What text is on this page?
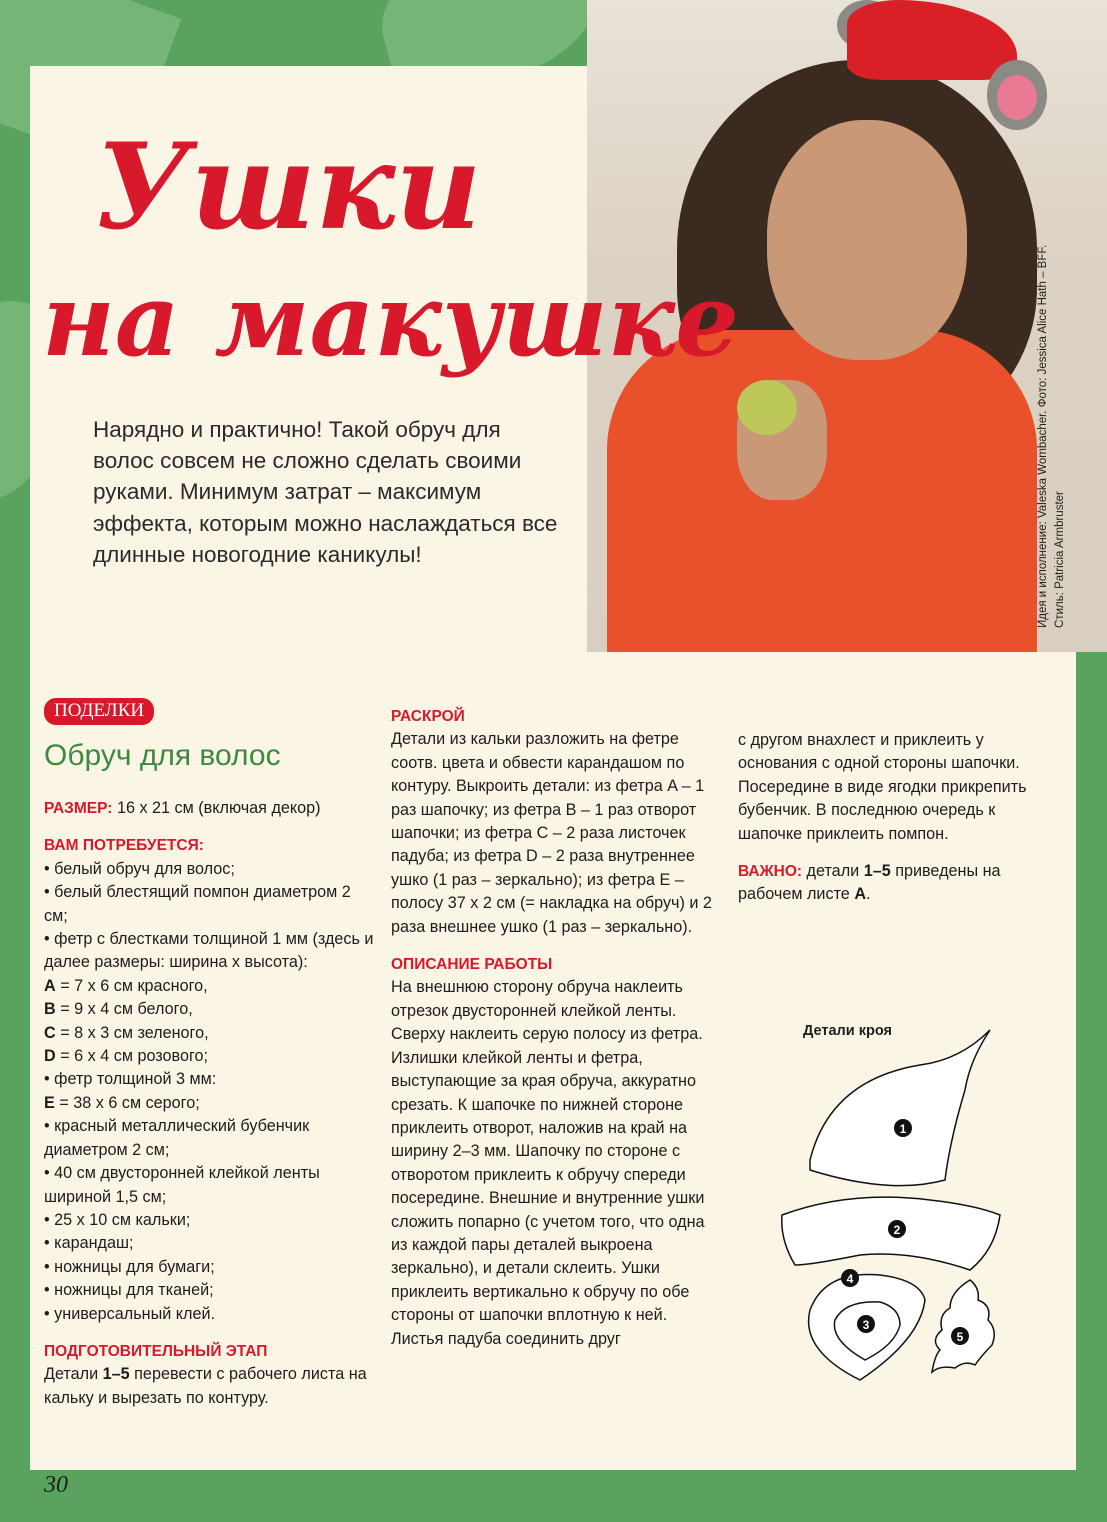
Идея и исполнение: Valeska Wombacher. Фото: Jessica Alice Hath – BFF. Стиль: Patricia Armbruster
Ушки
на макушке
Нарядно и практично! Такой обруч для волос совсем не сложно сделать своими руками. Минимум затрат – максимум эффекта, которым можно наслаждаться все длинные новогодние каникулы!
ПОДЕЛКИ
Обруч для волос

РАЗМЕР: 16 x 21 см (включая декор)

ВАМ ПОТРЕБУЕТСЯ:

• белый обруч для волос;
• белый блестящий помпон диаметром 2 см;
• фетр с блестками толщиной 1 мм (здесь и далее размеры: ширина x высота):
A = 7 x 6 см красного,
B = 9 x 4 см белого,
C = 8 x 3 см зеленого,
D = 6 x 4 см розового;
• фетр толщиной 3 мм:
E = 38 x 6 см серого;
• красный металлический бубенчик диаметром 2 см;
• 40 см двусторонней клейкой ленты шириной 1,5 см;
• 25 x 10 см кальки;
• карандаш;
• ножницы для бумаги;
• ножницы для тканей;
• универсальный клей.

ПОДГОТОВИТЕЛЬНЫЙ ЭТАП

Детали 1–5 перевести с рабочего листа на кальку и вырезать по контуру.

РАСКРОЙ

Детали из кальки разложить на фетре соотв. цвета и обвести карандашом по контуру. Выкроить детали: из фетра A – 1 раз шапочку; из фетра B – 1 раз отворот шапочки; из фетра C – 2 раза листочек падуба; из фетра D – 2 раза внутреннее ушко (1 раз – зеркально); из фетра E – полосу 37 x 2 см (= накладка на обруч) и 2 раза внешнее ушко (1 раз – зеркально).

ОПИСАНИЕ РАБОТЫ

На внешнюю сторону обруча наклеить отрезок двусторонней клейкой ленты. Сверху наклеить серую полосу из фетра.

Излишки клейкой ленты и фетра, выступающие за края обруча, аккуратно срезать. К шапочке по нижней стороне приклеить отворот, наложив на край на ширину 2–3 мм. Шапочку по стороне с отворотом приклеить к обручу спереди посередине. Внешние и внутренние ушки сложить попарно (с учетом того, что одна из каждой пары деталей выкроена зеркально), и детали склеить. Ушки приклеить вертикально к обручу по обе стороны от шапочки вплотную к ней. Листья падуба соединить друг

с другом внахлест и приклеить у основания с одной стороны шапочки. Посередине в виде ягодки прикрепить бубенчик. В последнюю очередь к шапочке приклеить помпон.

ВАЖНО: детали 1–5 приведены на рабочем листе A.

Детали кроя
1
2
4
3
5
30
